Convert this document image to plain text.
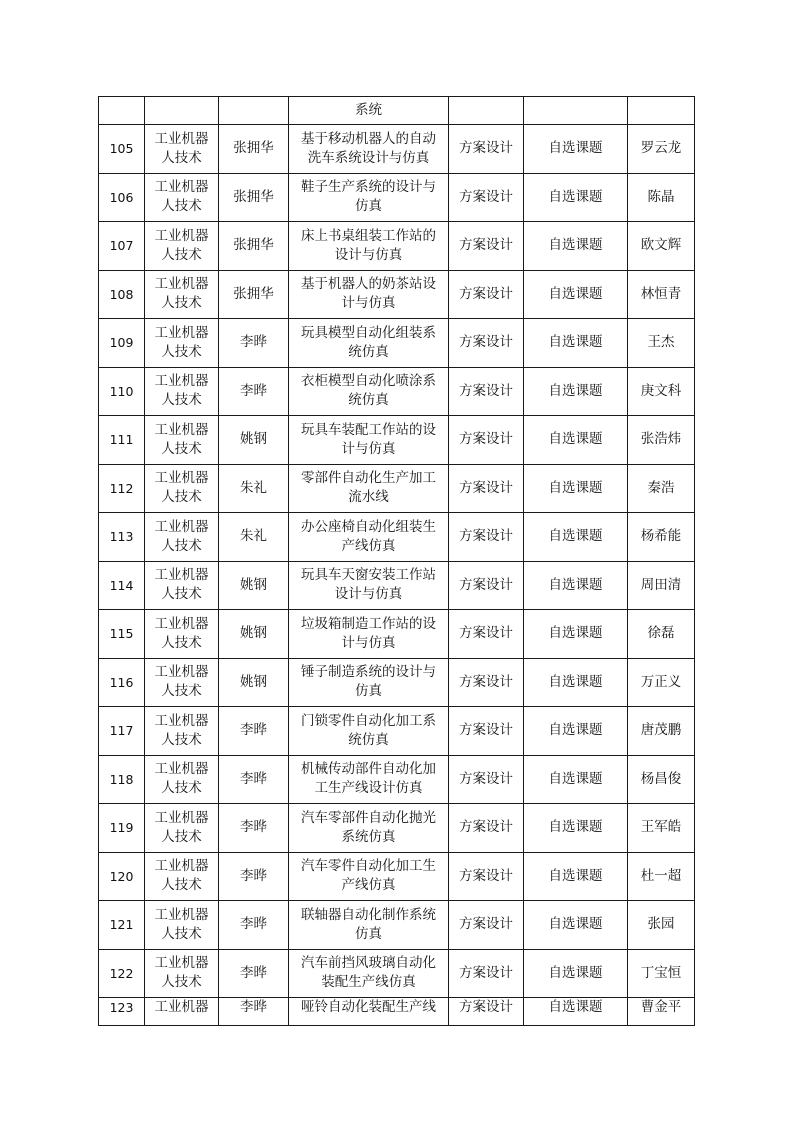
			系统			
105	工业机器人技术	张拥华	基于移动机器人的自动洗车系统设计与仿真	方案设计	自选课题	罗云龙
106	工业机器人技术	张拥华	鞋子生产系统的设计与仿真	方案设计	自选课题	陈晶
107	工业机器人技术	张拥华	床上书桌组装工作站的设计与仿真	方案设计	自选课题	欧文辉
108	工业机器人技术	张拥华	基于机器人的奶茶站设计与仿真	方案设计	自选课题	林恒青
109	工业机器人技术	李晔	玩具模型自动化组装系统仿真	方案设计	自选课题	王杰
110	工业机器人技术	李晔	衣柜模型自动化喷涂系统仿真	方案设计	自选课题	庚文科
111	工业机器人技术	姚钢	玩具车装配工作站的设计与仿真	方案设计	自选课题	张浩炜
112	工业机器人技术	朱礼	零部件自动化生产加工流水线	方案设计	自选课题	秦浩
113	工业机器人技术	朱礼	办公座椅自动化组装生产线仿真	方案设计	自选课题	杨希能
114	工业机器人技术	姚钢	玩具车天窗安装工作站设计与仿真	方案设计	自选课题	周田清
115	工业机器人技术	姚钢	垃圾箱制造工作站的设计与仿真	方案设计	自选课题	徐磊
116	工业机器人技术	姚钢	锤子制造系统的设计与仿真	方案设计	自选课题	万正义
117	工业机器人技术	李晔	门锁零件自动化加工系统仿真	方案设计	自选课题	唐茂鹏
118	工业机器人技术	李晔	机械传动部件自动化加工生产线设计仿真	方案设计	自选课题	杨昌俊
119	工业机器人技术	李晔	汽车零部件自动化抛光系统仿真	方案设计	自选课题	王军皓
120	工业机器人技术	李晔	汽车零件自动化加工生产线仿真	方案设计	自选课题	杜一超
121	工业机器人技术	李晔	联轴器自动化制作系统仿真	方案设计	自选课题	张园
122	工业机器人技术	李晔	汽车前挡风玻璃自动化装配生产线仿真	方案设计	自选课题	丁宝恒
123	工业机器	李晔	哑铃自动化装配生产线	方案设计	自选课题	曹金平
